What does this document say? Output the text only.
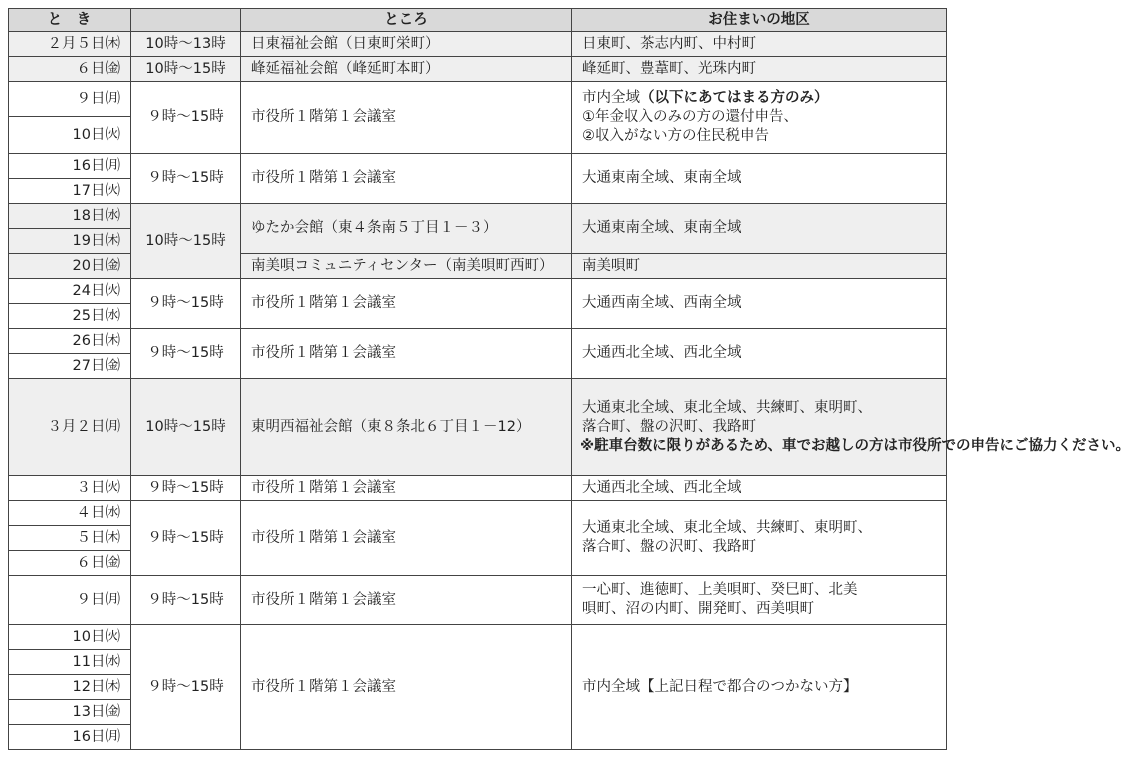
と　き		ところ	お住まいの地区
２月５日㈭	10時～13時	日東福祉会館（日東町栄町）	日東町、茶志内町、中村町
６日㈮	10時～15時	峰延福祉会館（峰延町本町）	峰延町、豊葦町、光珠内町
９日㈪	９時～15時	市役所１階第１会議室	市内全域（以下にあてはまる方のみ）
①年金収入のみの方の還付申告、
②収入がない方の住民税申告
10日㈫			
16日㈪	９時～15時	市役所１階第１会議室	大通東南全域、東南全域
17日㈫			
18日㈬	10時～15時	ゆたか会館（東４条南５丁目１－３）	大通東南全域、東南全域
19日㈭			
20日㈮		南美唄コミュニティセンター（南美唄町西町）	南美唄町
24日㈫	９時～15時	市役所１階第１会議室	大通西南全域、西南全域
25日㈬			
26日㈭	９時～15時	市役所１階第１会議室	大通西北全域、西北全域
27日㈮			
３月２日㈪	10時～15時	東明西福祉会館（東８条北６丁目１－12）	大通東北全域、東北全域、共練町、東明町、
落合町、盤の沢町、我路町
※駐車台数に限りがあるため、車でお越しの方は市役所での申告にご協力ください。

３日㈫	９時～15時	市役所１階第１会議室	大通西北全域、西北全域
４日㈬	９時～15時	市役所１階第１会議室	大通東北全域、東北全域、共練町、東明町、
落合町、盤の沢町、我路町
５日㈭			
６日㈮			
９日㈪	９時～15時	市役所１階第１会議室	一心町、進徳町、上美唄町、癸巳町、北美
唄町、沼の内町、開発町、西美唄町
10日㈫	９時～15時	市役所１階第１会議室	市内全域【上記日程で都合のつかない方】
11日㈬			
12日㈭			
13日㈮			
16日㈪			
